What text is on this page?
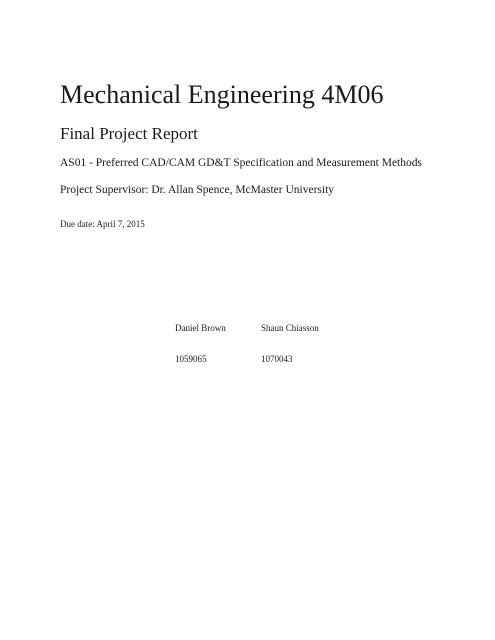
Mechanical Engineering 4M06
Final Project Report
AS01 - Preferred CAD/CAM GD&T Specification and Measurement Methods
Project Supervisor: Dr. Allan Spence, McMaster University
Due date: April 7, 2015
Daniel Brown
1059065
Shaun Chiasson
1070043
